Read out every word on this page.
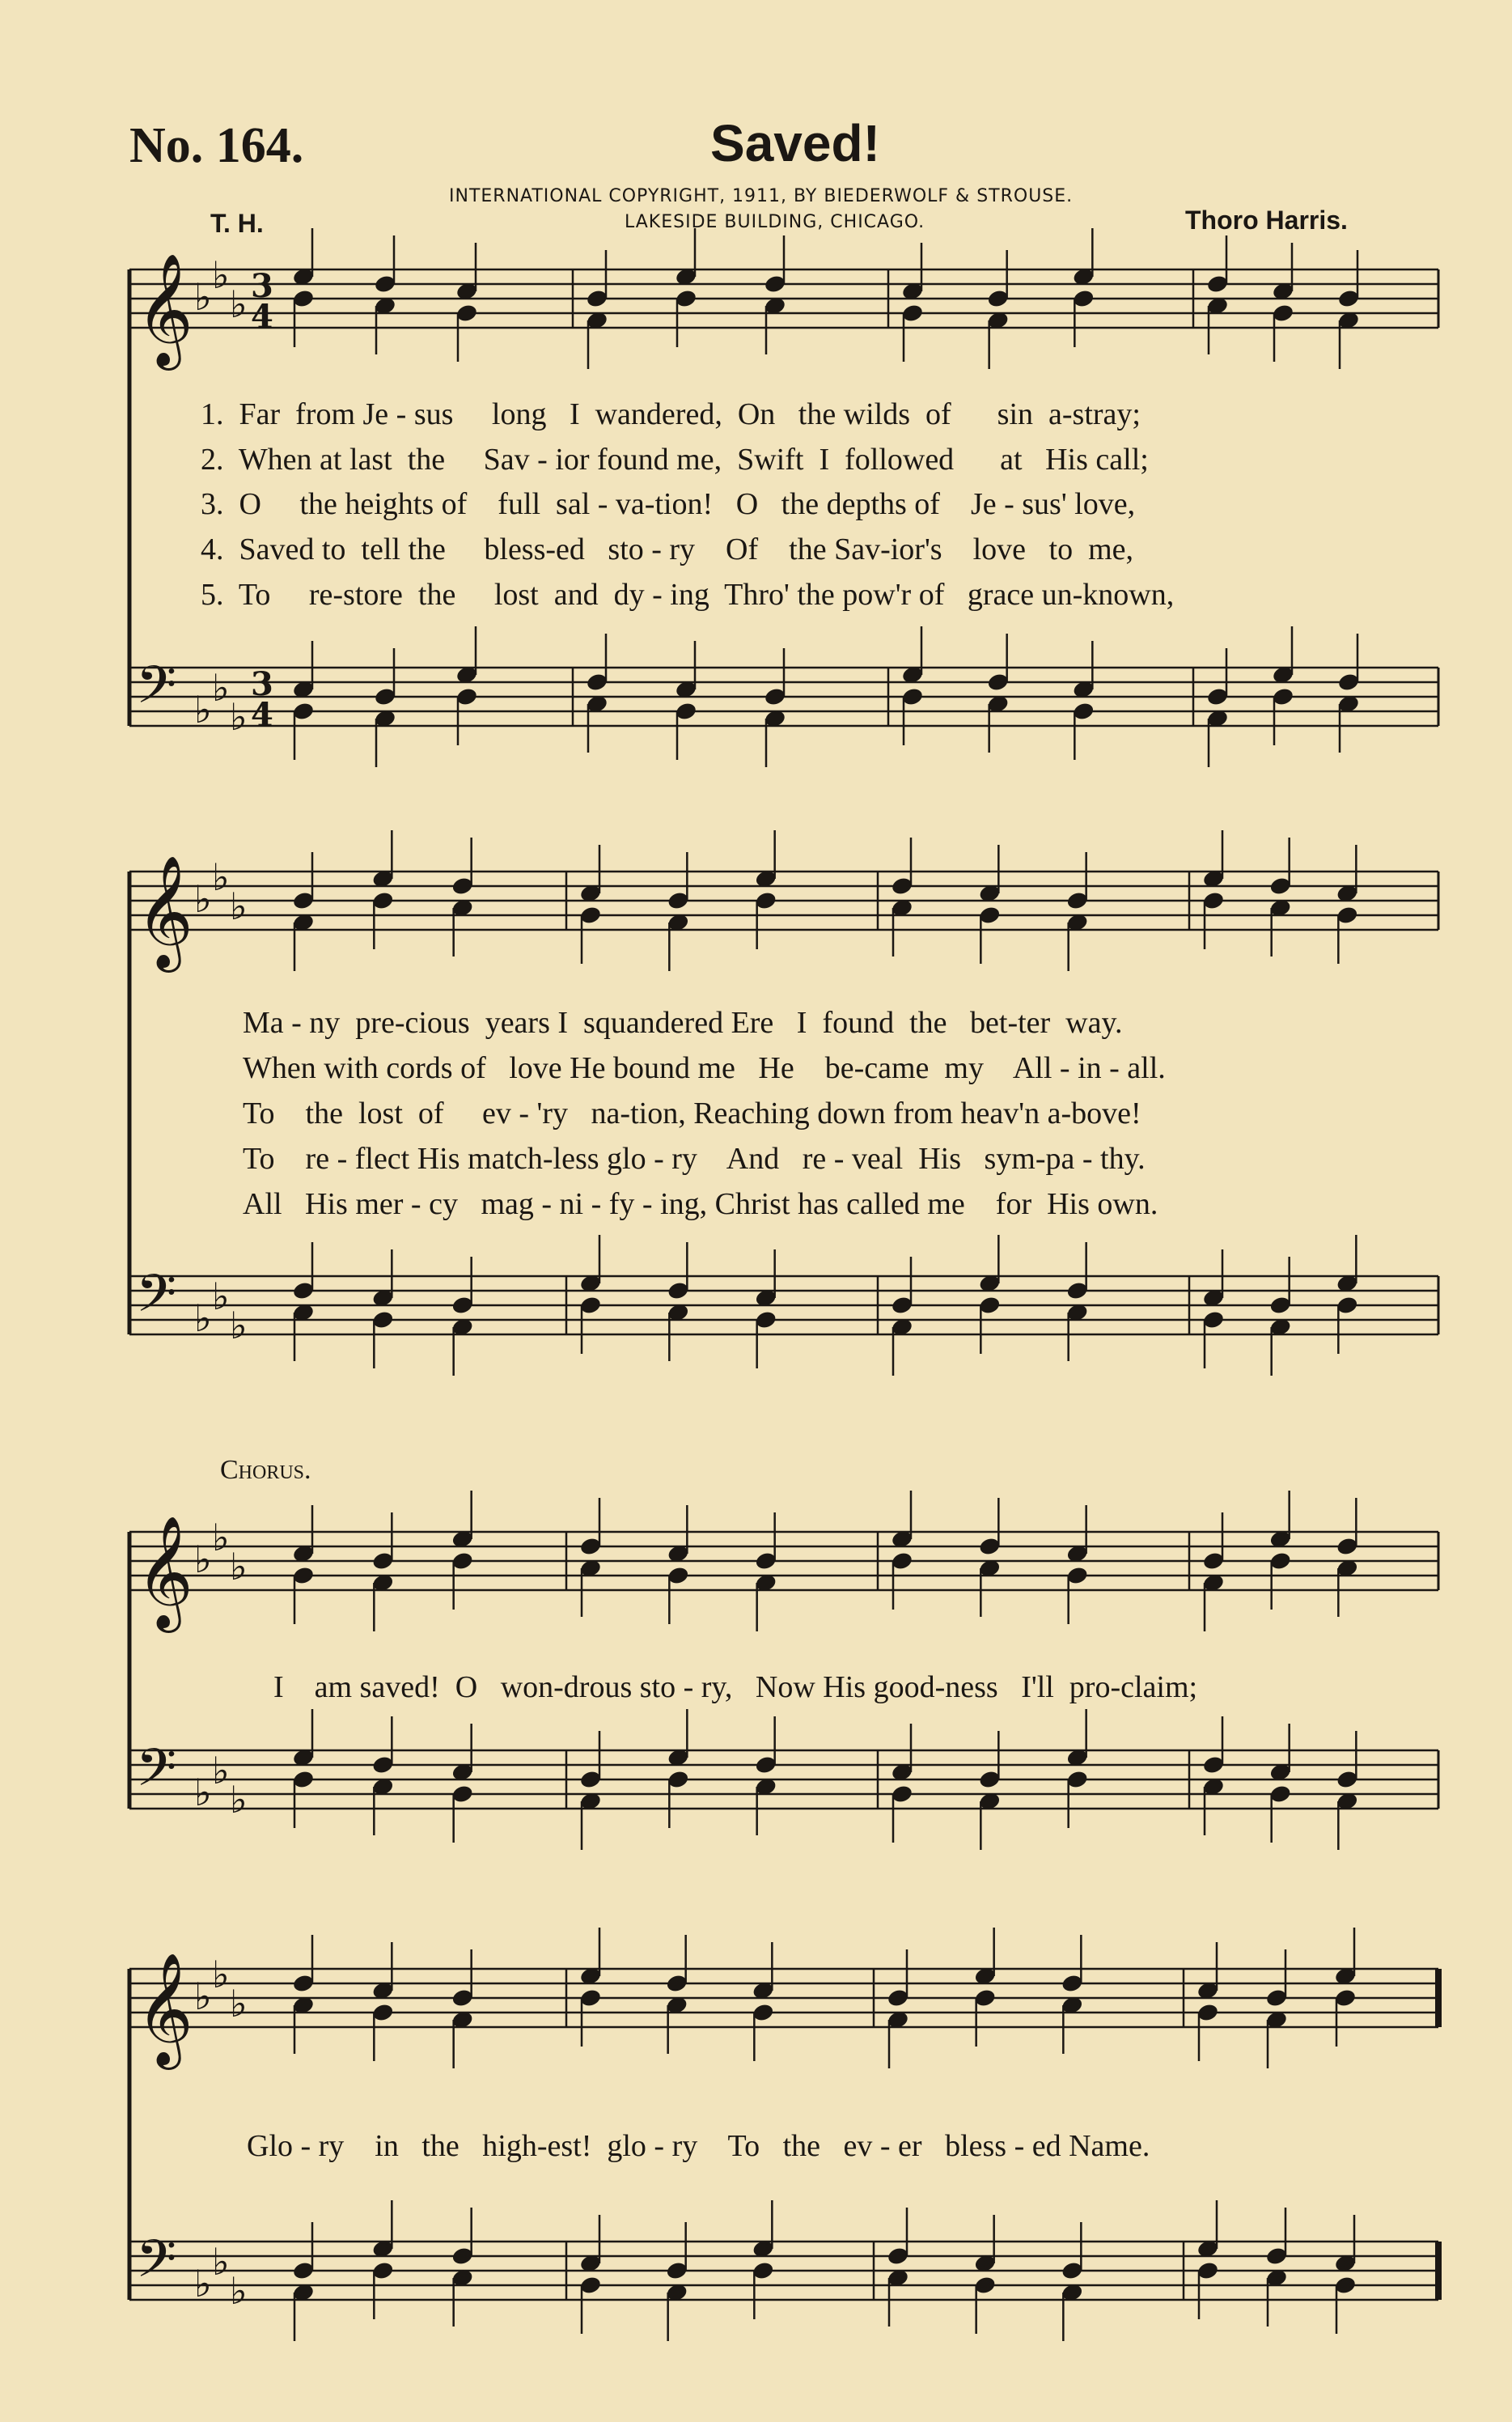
No. 164.	Saved!
INTERNATIONAL COPYRIGHT, 1911, BY BIEDERWOLF & STROUSE.
LAKESIDE BUILDING, CHICAGO.
T. H.	Thoro Harris.
Chorus.
𝄞 ♭ ♭
♭ 3
4
𝄢 ♭ ♭
♭
3
4
𝄞 ♭ ♭
♭
𝄢 ♭ ♭
♭
𝄞 ♭ ♭
♭
𝄢 ♭ ♭
♭
𝄞 ♭ ♭
♭
𝄢 ♭ ♭
♭
1.  Far  from Je - sus     long   I  wandered,  On   the wilds  of      sin  a-stray;
2.  When at last  the     Sav - ior found me,  Swift  I  followed      at   His call;
3.  O     the heights of    full  sal - va-tion!   O   the depths of    Je - sus' love,
4.  Saved to  tell the     bless-ed   sto - ry    Of    the Sav-ior's    love   to  me,
5.  To     re-store  the     lost  and  dy - ing  Thro' the pow'r of   grace un-known,
Ma - ny  pre-cious  years I  squandered Ere   I  found  the   bet-ter  way.
When with cords of   love He bound me   He    be-came  my    All - in - all.
To    the  lost  of     ev - 'ry   na-tion, Reaching down from heav'n a-bove!
To    re - flect His match-less glo - ry    And   re - veal  His   sym-pa - thy.
All   His mer - cy   mag - ni - fy - ing, Christ has called me    for  His own.
I    am saved!  O   won-drous sto - ry,   Now His good-ness   I'll  pro-claim;
Glo - ry    in   the   high-est!  glo - ry    To   the   ev - er   bless - ed Name.
